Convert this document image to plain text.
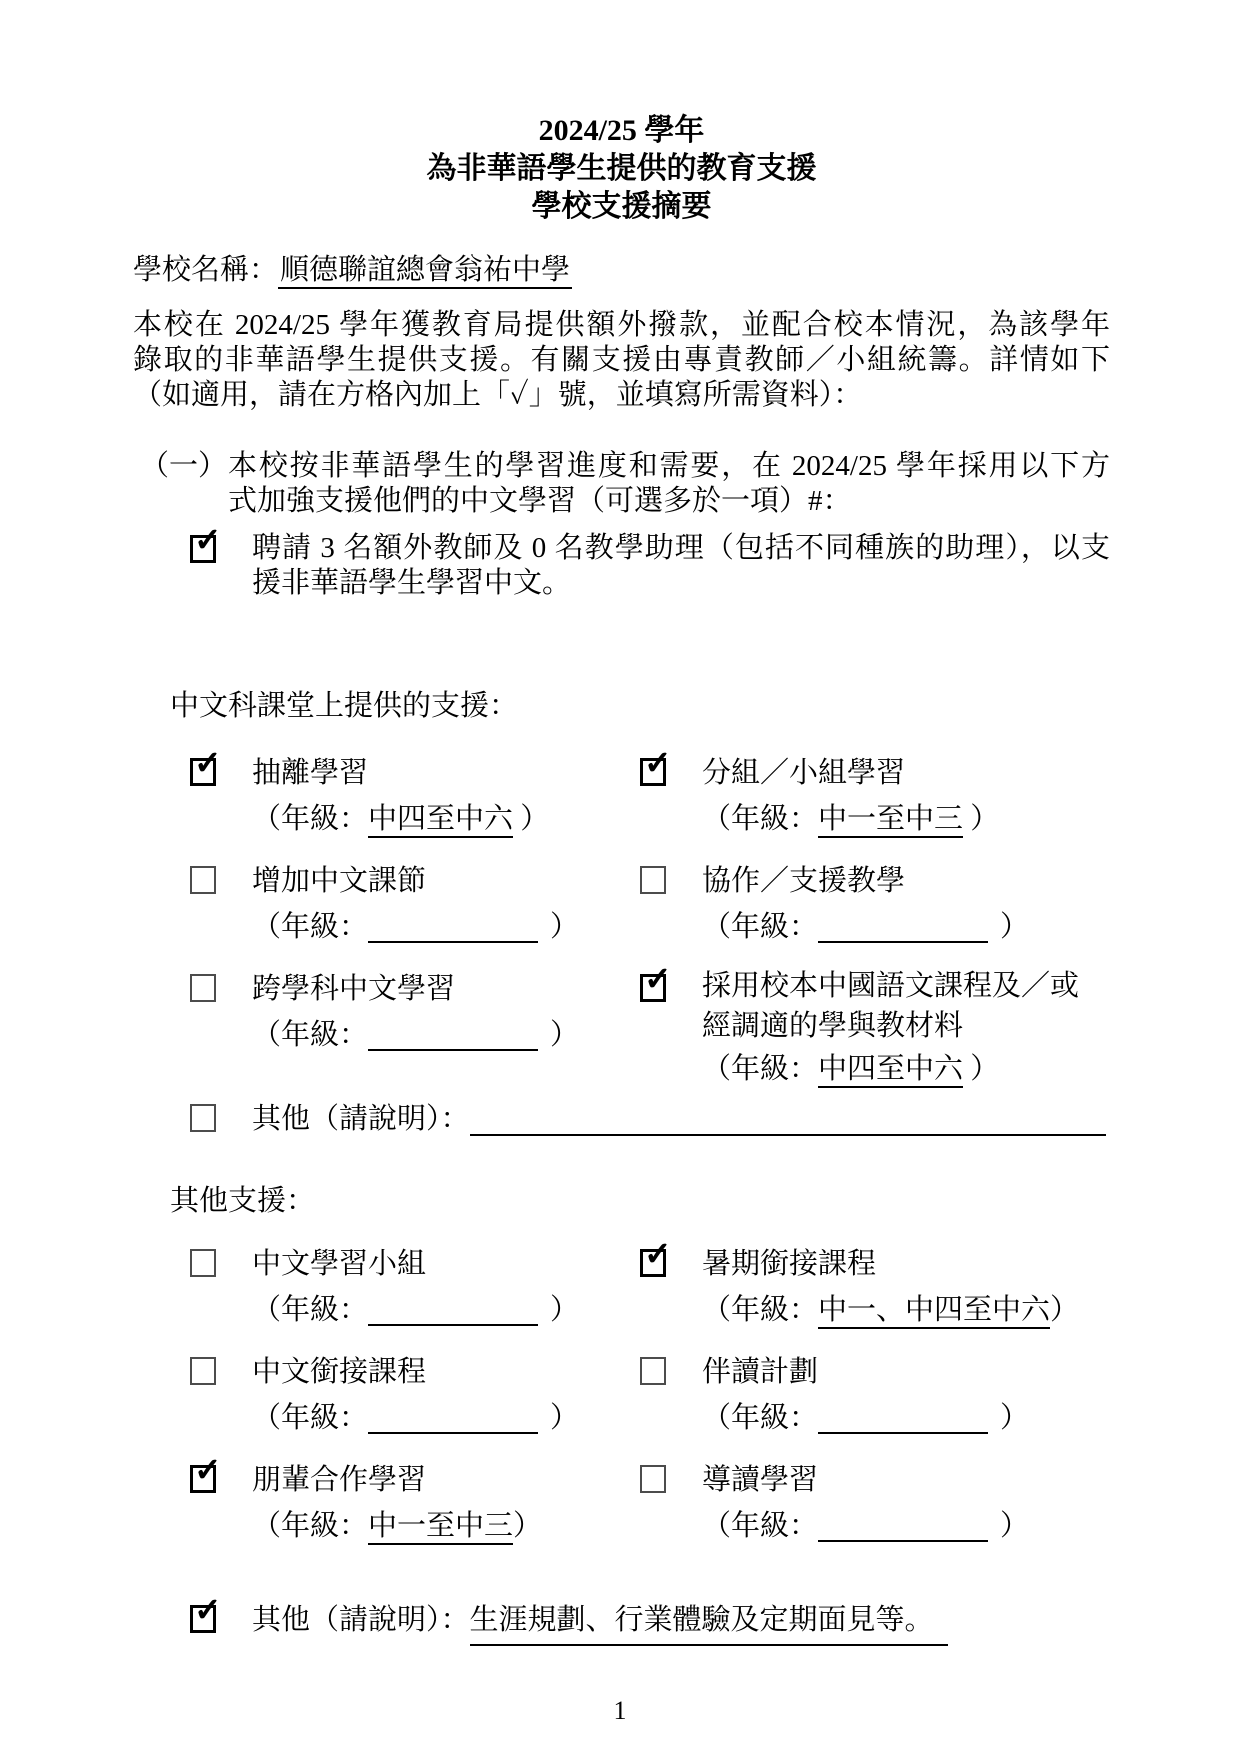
2024/25 學年
為非華語學生提供的教育支援
學校支援摘要
學校名稱：順德聯誼總會翁祐中學
本校在 2024/25 學年獲教育局提供額外撥款，並配合校本情況，為該學年
錄取的非華語學生提供支援。有關支援由專責教師／小組統籌。詳情如下
（如適用，請在方格內加上「✓」號，並填寫所需資料）：
（一） 本校按非華語學生的學習進度和需要，在 2024/25 學年採用以下方
式加強支援他們的中文學習（可選多於一項）#：
✓ 聘請 3 名額外教師及 0 名教學助理（包括不同種族的助理），以支
援非華語學生學習中文。
中文科課堂上提供的支援：
✓ 抽離學習
（年級：中四至中六 ）
✓ 分組／小組學習
（年級：中一至中三 ）
增加中文課節
（年級：	）
協作／支援教學
（年級：	）
跨學科中文學習
（年級：	）
✓ 採用校本中國語文課程及／或
經調適的學與教材料
（年級：中四至中六 ）
其他（請說明）：
其他支援：
中文學習小組
（年級：	）
✓ 暑期銜接課程
（年級：中一、中四至中六）
中文銜接課程
（年級：	）
伴讀計劃
（年級：	）
✓ 朋輩合作學習
（年級：中一至中三）
導讀學習
（年級：	）
✓ 其他（請說明）： 生涯規劃、行業體驗及定期面見等。
1
